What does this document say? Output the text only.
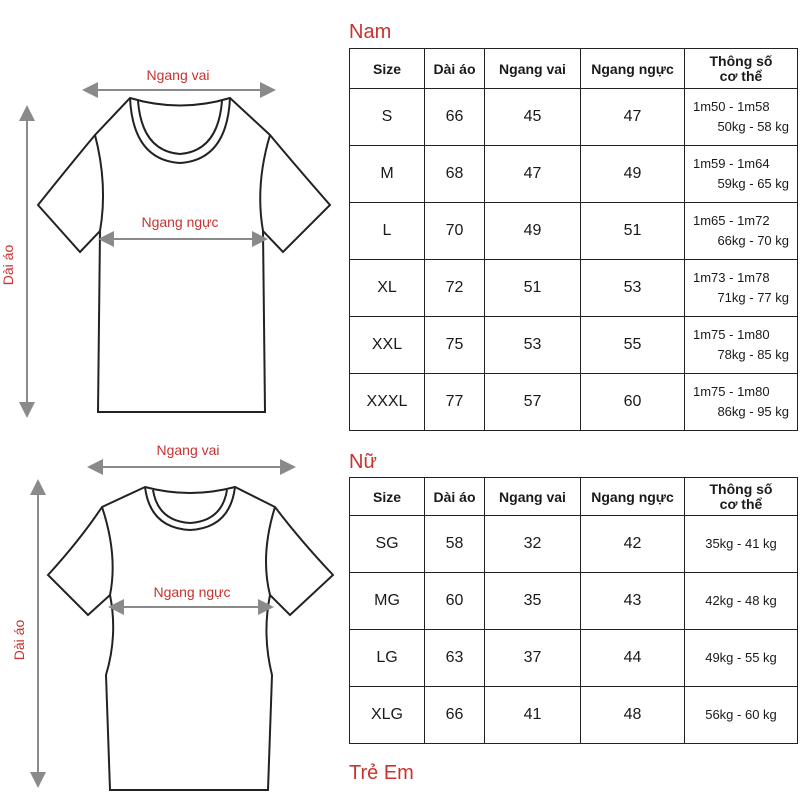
Nam
Nữ
Trẻ Em
Size	Dài áo	Ngang vai	Ngang ngực	Thông số
cơ thể
S	66	45	47	1m50 - 1m58
50kg - 58 kg

M	68	47	49	1m59 - 1m64
59kg - 65 kg

L	70	49	51	1m65 - 1m72
66kg - 70 kg

XL	72	51	53	1m73 - 1m78
71kg - 77 kg

XXL	75	53	55	1m75 - 1m80
78kg - 85 kg

XXXL	77	57	60	1m75 - 1m80
86kg - 95 kg
Size	Dài áo	Ngang vai	Ngang ngực	Thông số
cơ thể
SG	58	32	42	35kg - 41 kg

MG	60	35	43	42kg - 48 kg

LG	63	37	44	49kg - 55 kg

XLG	66	41	48	56kg - 60 kg
Ngang vai
Dài áo
Ngang ngực
Ngang vai
Dài áo
Ngang ngực
